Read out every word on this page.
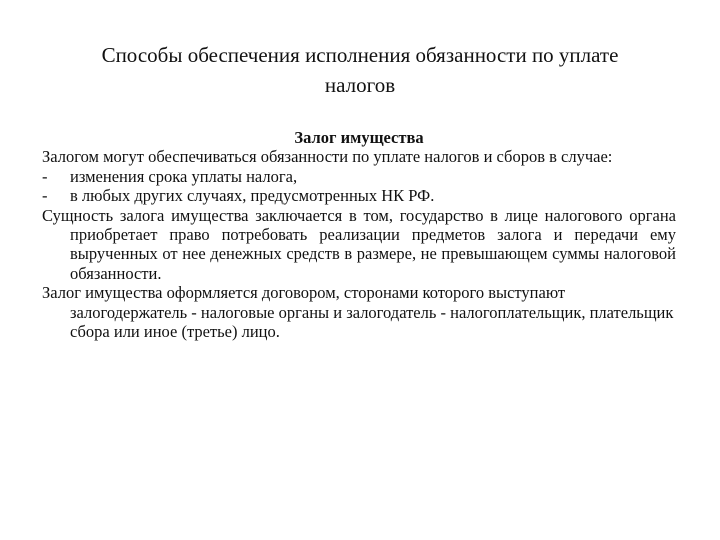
Способы обеспечения исполнения обязанности по уплате
налогов

Залог имущества

Залогом могут обеспечиваться обязанности по уплате налогов и сборов в случае:

-	изменения срока уплаты налога,
-	в любых других случаях, предусмотренных НК РФ.

Сущность залога имущества заключается в том, государство в лице налогового органа приобретает право потребовать реализации предметов залога и передачи ему вырученных от нее денежных средств в размере, не превышающем суммы налоговой обязанности.

Залог имущества оформляется договором, сторонами которого выступают залогодержатель - налоговые органы и залогодатель - налогоплательщик, плательщик сбора или иное (третье) лицо.
